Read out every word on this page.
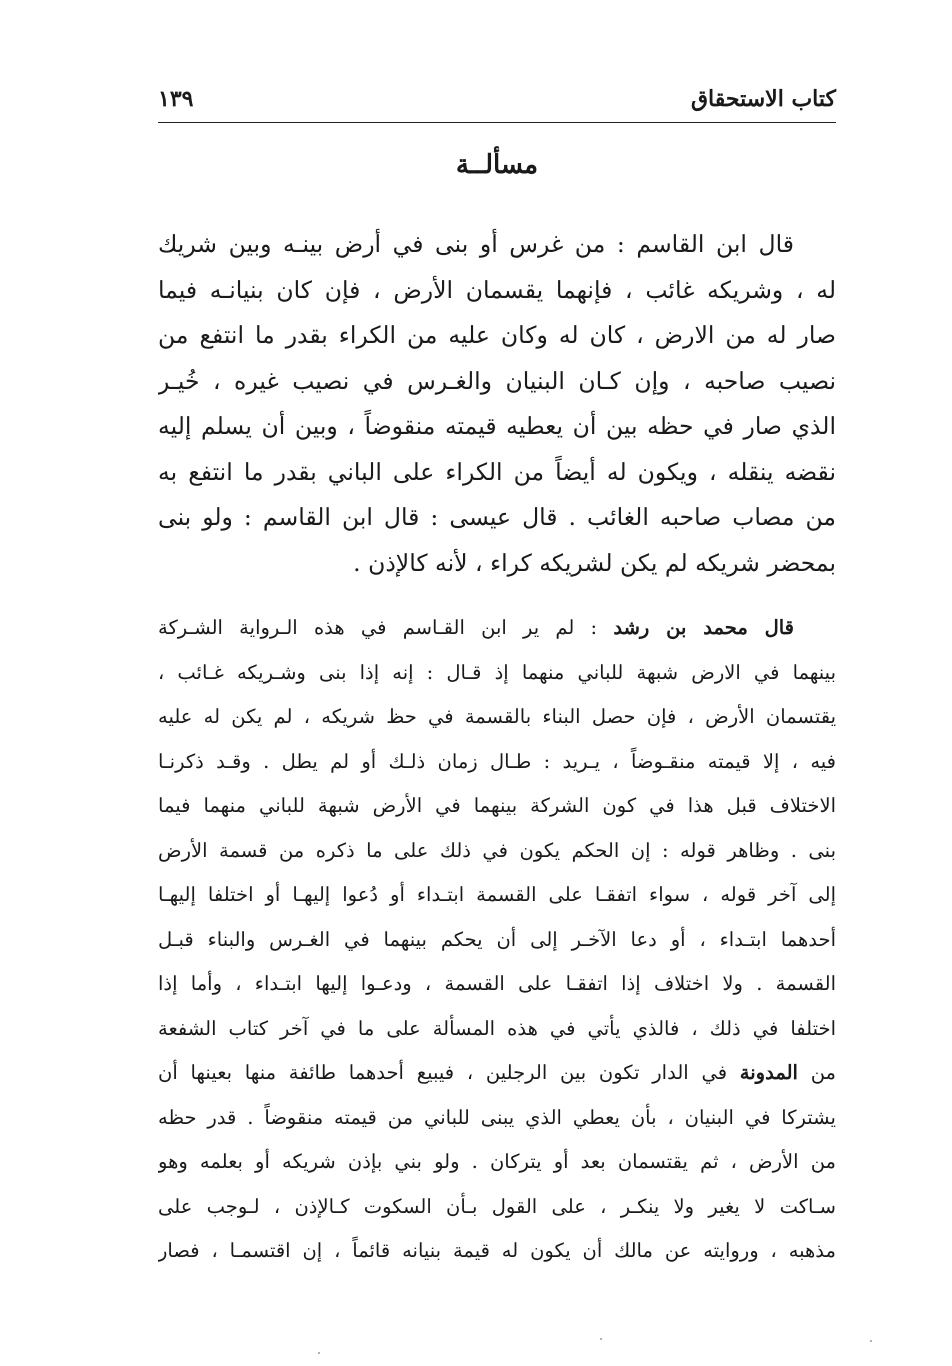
كتاب الاستحقاق
١٣٩
مسألــة
قال ابن القاسم : من غرس أو بنى في أرض بينـه وبين شريك
له ، وشريكه غائب ، فإنهما يقسمان الأرض ، فإن كان بنيانـه فيما
صار له من الارض ، كان له وكان عليه من الكراء بقدر ما انتفع من
نصيب صاحبه ، وإن كـان البنيان والغـرس في نصيب غيره ، خُيـر
الذي صار في حظه بين أن يعطيه قيمته منقوضاً ، وبين أن يسلم إليه
نقضه ينقله ، ويكون له أيضاً من الكراء على الباني بقدر ما انتفع به
من مصاب صاحبه الغائب . قال عيسى : قال ابن القاسم : ولو بنى
بمحضر شريكه لم يكن لشريكه كراء ، لأنه كالإذن .
قال محمد بن رشد : لم ير ابن القـاسم في هذه الـرواية الشـركة
بينهما في الارض شبهة للباني منهما إذ قـال : إنه إذا بنى وشـريكه غـائب ،
يقتسمان الأرض ، فإن حصل البناء بالقسمة في حظ شريكه ، لم يكن له عليه
فيه ، إلا قيمته منقـوضاً ، يـريد : طـال زمان ذلـك أو لم يطل . وقـد ذكرنـا
الاختلاف قبل هذا في كون الشركة بينهما في الأرض شبهة للباني منهما فيما
بنى . وظاهر قوله : إن الحكم يكون في ذلك على ما ذكره من قسمة الأرض
إلى آخر قوله ، سواء اتفقـا على القسمة ابتـداء أو دُعوا إليهـا أو اختلفا إليهـا
أحدهما ابتـداء ، أو دعا الآخـر إلى أن يحكم بينهما في الغـرس والبناء قبـل
القسمة . ولا اختلاف إذا اتفقـا على القسمة ، ودعـوا إليها ابتـداء ، وأما إذا
اختلفا في ذلك ، فالذي يأتي في هذه المسألة على ما في آخر كتاب الشفعة
من المدونة في الدار تكون بين الرجلين ، فيبيع أحدهما طائفة منها بعينها أن
يشتركا في البنيان ، بأن يعطي الذي يبنى للباني من قيمته منقوضاً . قدر حظه
من الأرض ، ثم يقتسمان بعد أو يتركان . ولو بني بإذن شريكه أو بعلمه وهو
سـاكت لا يغير ولا ينكـر ، على القول بـأن السكوت كـالإذن ، لـوجب على
مذهبه ، وروايته عن مالك أن يكون له قيمة بنيانه قائماً ، إن اقتسمـا ، فصار
